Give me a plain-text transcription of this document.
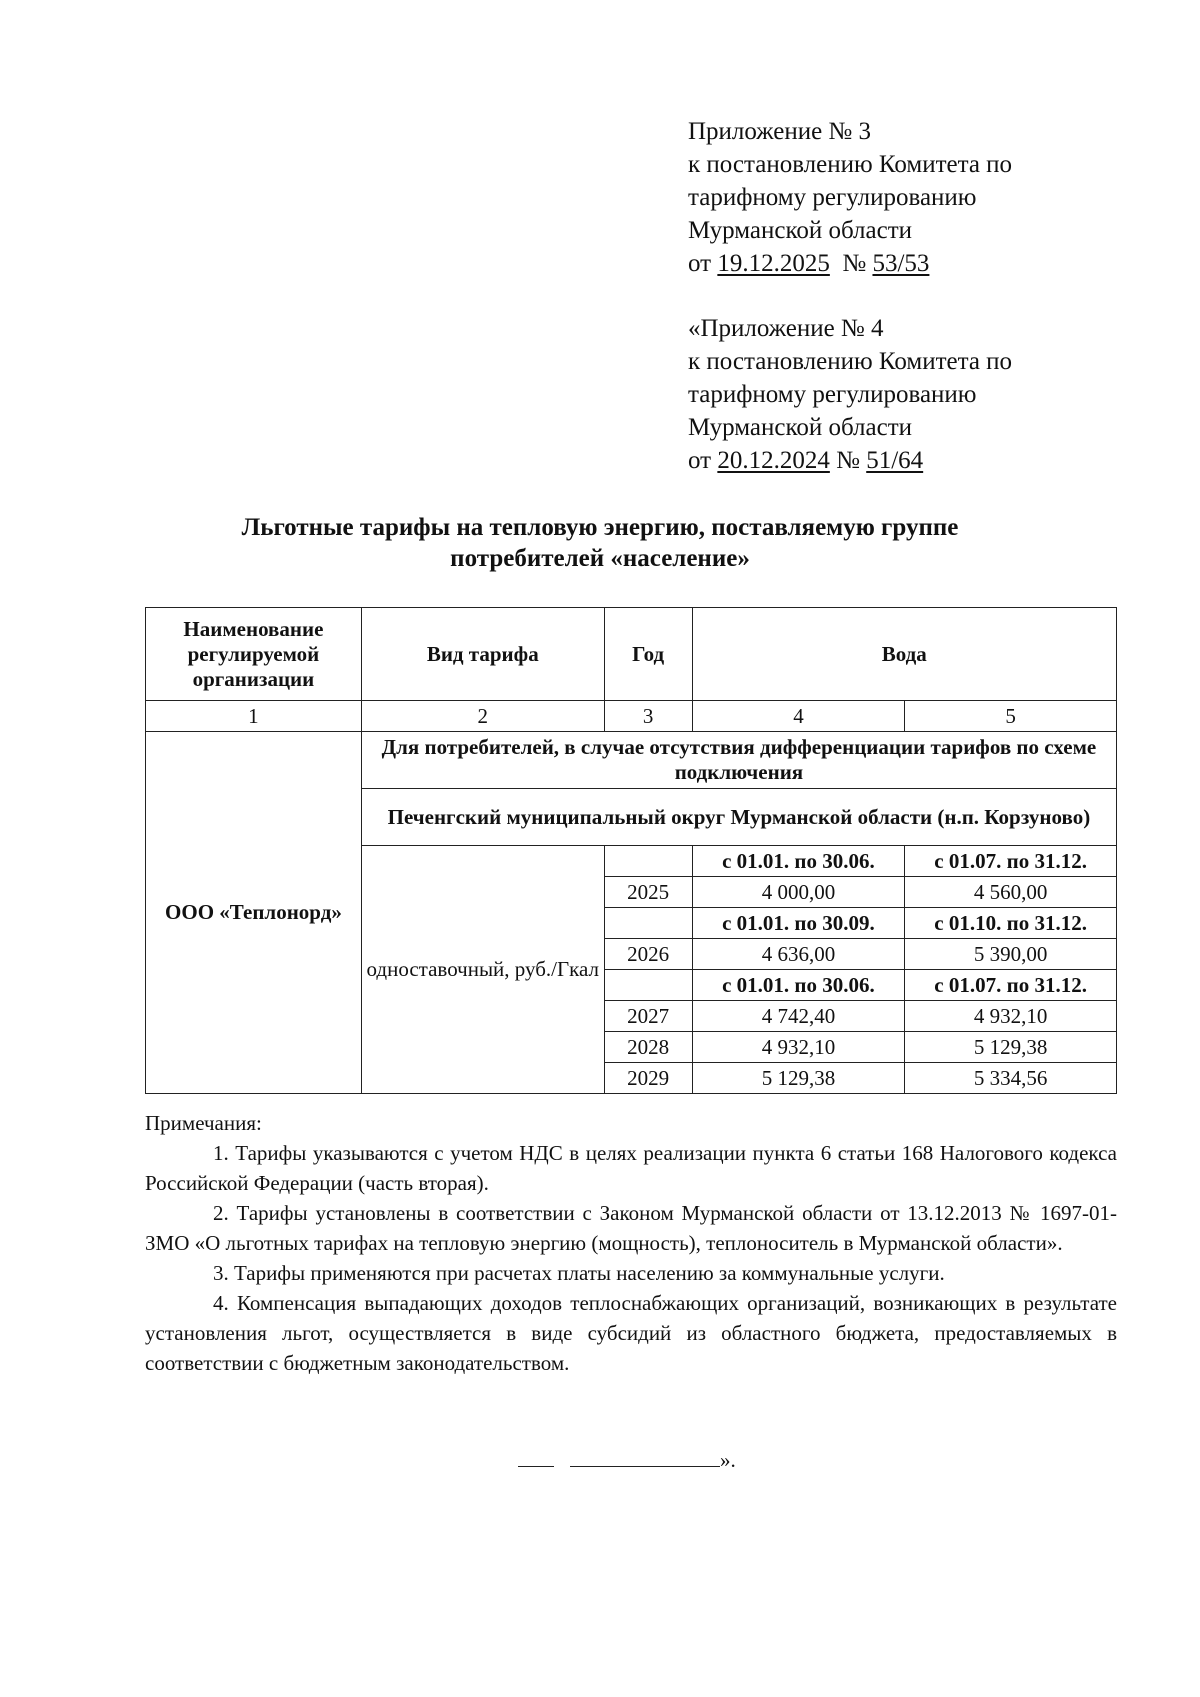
Приложение № 3
к постановлению Комитета по
тарифному регулированию
Мурманской области
от 19.12.2025 № 53/53
«Приложение № 4
к постановлению Комитета по
тарифному регулированию
Мурманской области
от 20.12.2024 № 51/64
Льготные тарифы на тепловую энергию, поставляемую группе
потребителей «население»
Наименование регулируемой организации	Вид тарифа	Год	Вода	
1	2	3	4	5
ООО «Теплонорд»	Для потребителей, в случае отсутствия дифференциации тарифов по схеме подключения			
	Печенгский муниципальный округ Мурманской области (н.п. Корзуново)			
	одноставочный, руб./Гкал		с 01.01. по 30.06.	с 01.07. по 31.12.
		2025	4 000,00	4 560,00
			с 01.01. по 30.09.	с 01.10. по 31.12.
		2026	4 636,00	5 390,00
			с 01.01. по 30.06.	с 01.07. по 31.12.
		2027	4 742,40	4 932,10
		2028	4 932,10	5 129,38
		2029	5 129,38	5 334,56

Примечания:

1. Тарифы указываются с учетом НДС в целях реализации пункта 6 статьи 168 Налогового кодекса Российской Федерации (часть вторая).

2. Тарифы установлены в соответствии с Законом Мурманской области от 13.12.2013 № 1697-01-ЗМО «О льготных тарифах на тепловую энергию (мощность), теплоноситель в Мурманской области».

3. Тарифы применяются при расчетах платы населению за коммунальные услуги.

4. Компенсация выпадающих доходов теплоснабжающих организаций, возникающих в результате установления льгот, осуществляется в виде субсидий из областного бюджета, предоставляемых в соответствии с бюджетным законодательством.

».
